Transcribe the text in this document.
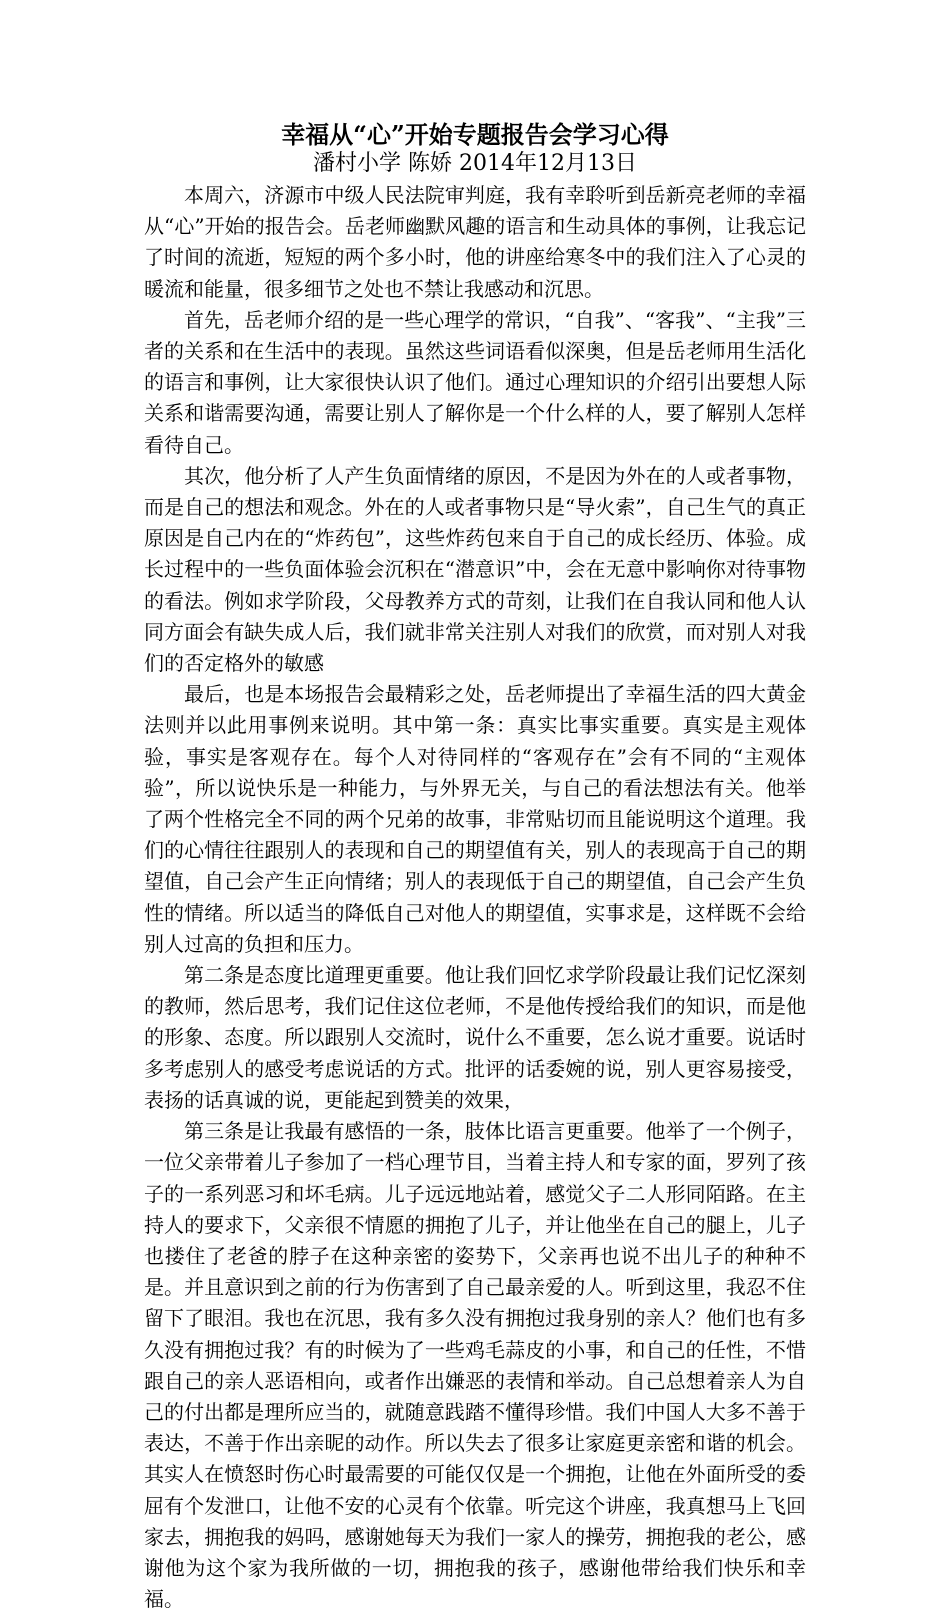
幸福从“心”开始专题报告会学习心得
潘村小学 陈娇 2014年12月13日

本周六，济源市中级人民法院审判庭，我有幸聆听到岳新亮老师的幸福从“心”开始的报告会。岳老师幽默风趣的语言和生动具体的事例，让我忘记了时间的流逝，短短的两个多小时，他的讲座给寒冬中的我们注入了心灵的暖流和能量，很多细节之处也不禁让我感动和沉思。

首先，岳老师介绍的是一些心理学的常识，“自我”、“客我”、“主我”三者的关系和在生活中的表现。虽然这些词语看似深奥，但是岳老师用生活化的语言和事例，让大家很快认识了他们。通过心理知识的介绍引出要想人际关系和谐需要沟通，需要让别人了解你是一个什么样的人，要了解别人怎样看待自己。

其次，他分析了人产生负面情绪的原因，不是因为外在的人或者事物，而是自己的想法和观念。外在的人或者事物只是“导火索”，自己生气的真正原因是自己内在的“炸药包”，这些炸药包来自于自己的成长经历、体验。成长过程中的一些负面体验会沉积在“潜意识”中，会在无意中影响你对待事物的看法。例如求学阶段，父母教养方式的苛刻，让我们在自我认同和他人认同方面会有缺失成人后，我们就非常关注别人对我们的欣赏，而对别人对我们的否定格外的敏感

最后，也是本场报告会最精彩之处，岳老师提出了幸福生活的四大黄金法则并以此用事例来说明。其中第一条：真实比事实重要。真实是主观体验，事实是客观存在。每个人对待同样的“客观存在”会有不同的“主观体验”，所以说快乐是一种能力，与外界无关，与自己的看法想法有关。他举了两个性格完全不同的两个兄弟的故事，非常贴切而且能说明这个道理。我们的心情往往跟别人的表现和自己的期望值有关，别人的表现高于自己的期望值，自己会产生正向情绪；别人的表现低于自己的期望值，自己会产生负性的情绪。所以适当的降低自己对他人的期望值，实事求是，这样既不会给别人过高的负担和压力。

第二条是态度比道理更重要。他让我们回忆求学阶段最让我们记忆深刻的教师，然后思考，我们记住这位老师，不是他传授给我们的知识，而是他的形象、态度。所以跟别人交流时，说什么不重要，怎么说才重要。说话时多考虑别人的感受考虑说话的方式。批评的话委婉的说，别人更容易接受，表扬的话真诚的说，更能起到赞美的效果，

第三条是让我最有感悟的一条，肢体比语言更重要。他举了一个例子，一位父亲带着儿子参加了一档心理节目，当着主持人和专家的面，罗列了孩子的一系列恶习和坏毛病。儿子远远地站着，感觉父子二人形同陌路。在主持人的要求下，父亲很不情愿的拥抱了儿子，并让他坐在自己的腿上，儿子也搂住了老爸的脖子在这种亲密的姿势下，父亲再也说不出儿子的种种不是。并且意识到之前的行为伤害到了自己最亲爱的人。听到这里，我忍不住留下了眼泪。我也在沉思，我有多久没有拥抱过我身别的亲人？他们也有多久没有拥抱过我？有的时候为了一些鸡毛蒜皮的小事，和自己的任性，不惜跟自己的亲人恶语相向，或者作出嫌恶的表情和举动。自己总想着亲人为自己的付出都是理所应当的，就随意践踏不懂得珍惜。我们中国人大多不善于表达，不善于作出亲昵的动作。所以失去了很多让家庭更亲密和谐的机会。其实人在愤怒时伤心时最需要的可能仅仅是一个拥抱，让他在外面所受的委屈有个发泄口，让他不安的心灵有个依靠。听完这个讲座，我真想马上飞回家去，拥抱我的妈吗，感谢她每天为我们一家人的操劳，拥抱我的老公，感谢他为这个家为我所做的一切，拥抱我的孩子，感谢他带给我们快乐和幸福。
